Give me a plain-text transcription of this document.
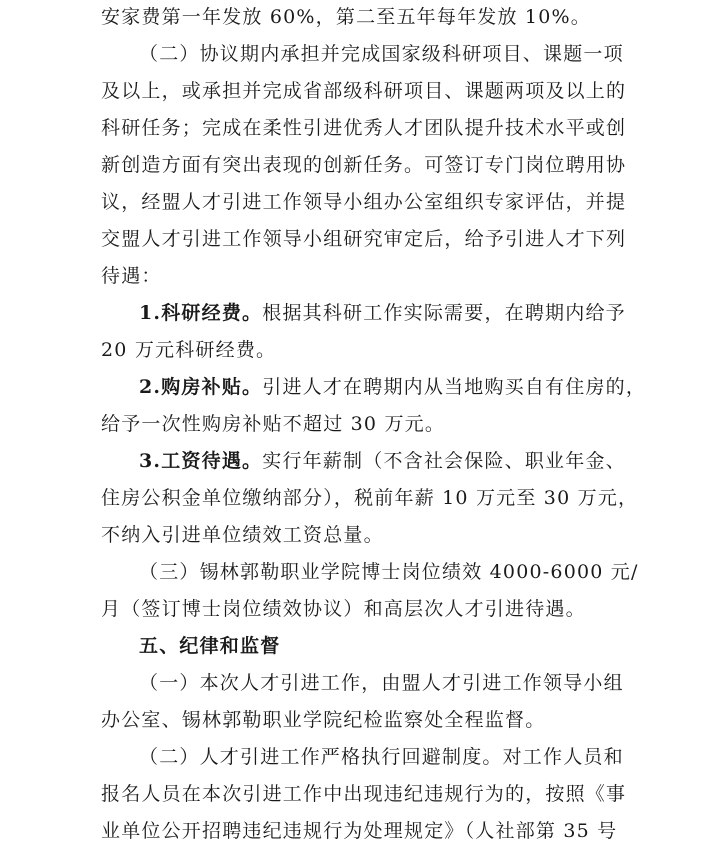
安家费第一年发放 60%，第二至五年每年发放 10%。
（二）协议期内承担并完成国家级科研项目、课题一项
及以上，或承担并完成省部级科研项目、课题两项及以上的
科研任务；完成在柔性引进优秀人才团队提升技术水平或创
新创造方面有突出表现的创新任务。可签订专门岗位聘用协
议，经盟人才引进工作领导小组办公室组织专家评估，并提
交盟人才引进工作领导小组研究审定后，给予引进人才下列
待遇：
1.科研经费。根据其科研工作实际需要，在聘期内给予
20 万元科研经费。
2.购房补贴。引进人才在聘期内从当地购买自有住房的，
给予一次性购房补贴不超过 30 万元。
3.工资待遇。实行年薪制（不含社会保险、职业年金、
住房公积金单位缴纳部分），税前年薪 10 万元至 30 万元，
不纳入引进单位绩效工资总量。
（三）锡林郭勒职业学院博士岗位绩效 4000-6000 元/
月（签订博士岗位绩效协议）和高层次人才引进待遇。
五、纪律和监督
（一）本次人才引进工作，由盟人才引进工作领导小组
办公室、锡林郭勒职业学院纪检监察处全程监督。
（二）人才引进工作严格执行回避制度。对工作人员和
报名人员在本次引进工作中出现违纪违规行为的，按照《事
业单位公开招聘违纪违规行为处理规定》（人社部第 35 号
